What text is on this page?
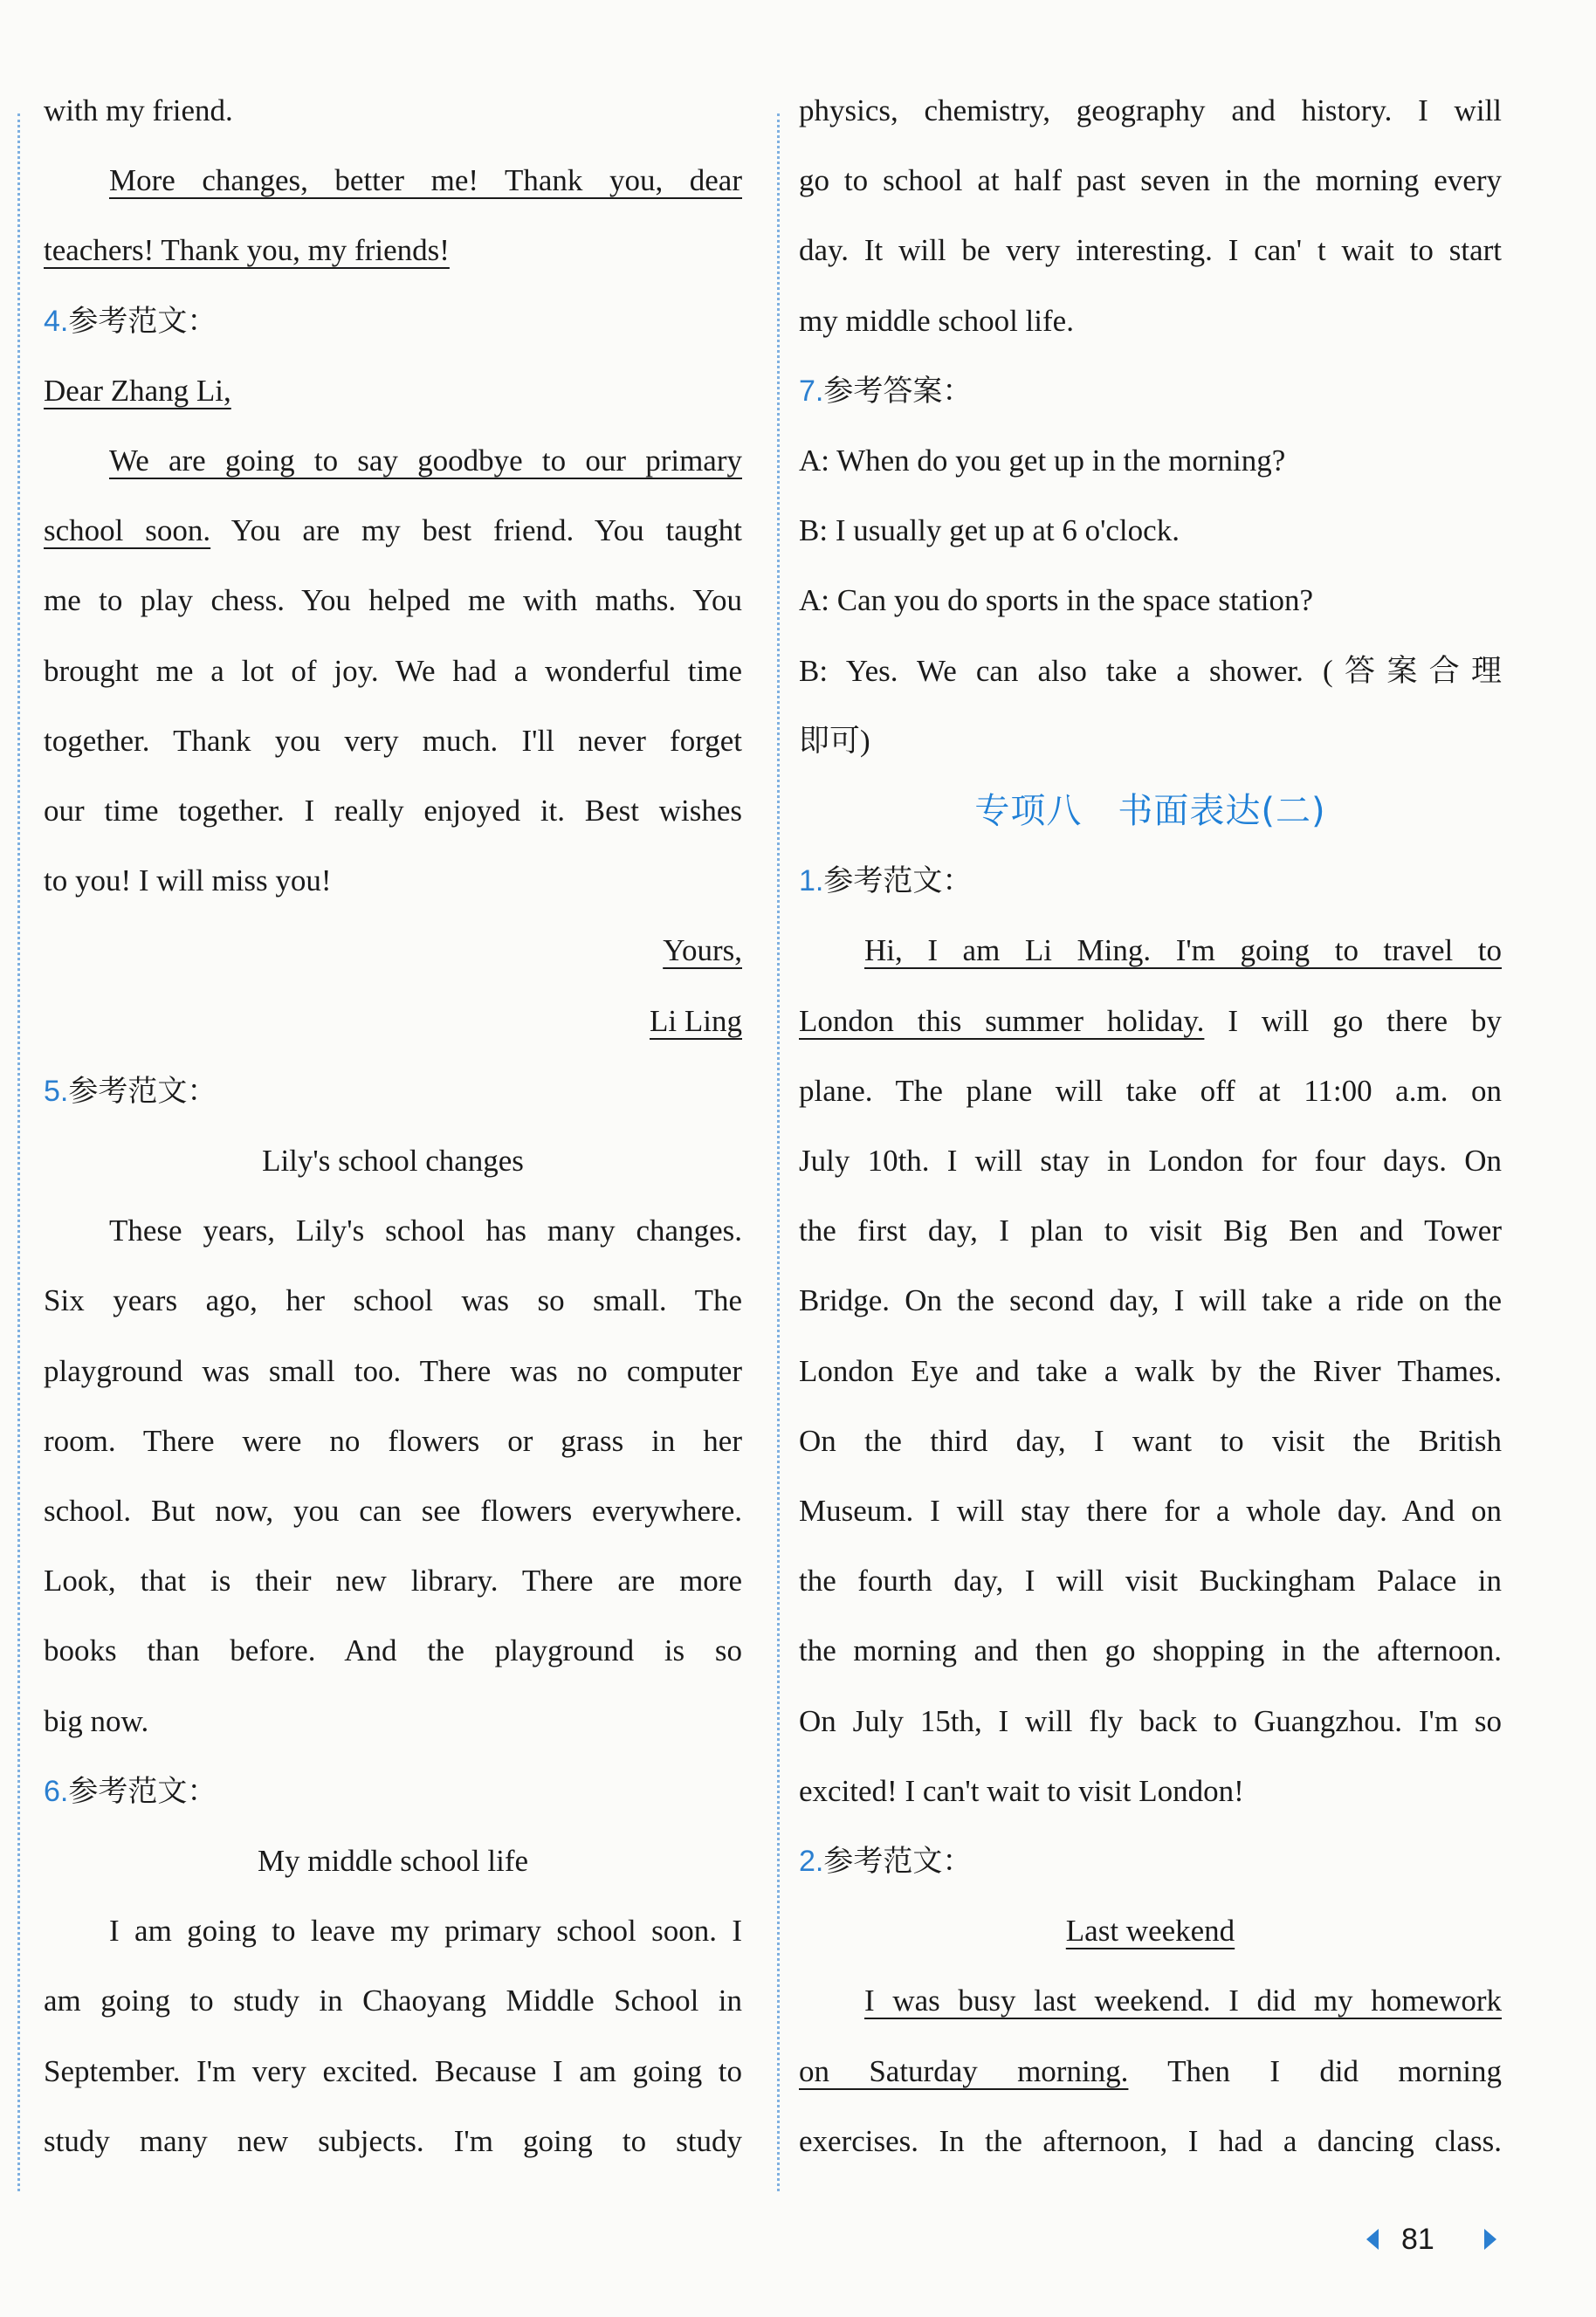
with my friend.
More changes, better me! Thank you, dear
teachers! Thank you, my friends!
4.参考范文：
Dear Zhang Li,
We are going to say goodbye to our primary
school soon. You are my best friend. You taught
me to play chess. You helped me with maths. You
brought me a lot of joy. We had a wonderful time
together. Thank you very much. I'll never forget
our time together. I really enjoyed it. Best wishes
to you! I will miss you!
Yours,
Li Ling
5.参考范文：
Lily's school changes
These years, Lily's school has many changes.
Six years ago, her school was so small. The
playground was small too. There was no computer
room. There were no flowers or grass in her
school. But now, you can see flowers everywhere.
Look, that is their new library. There are more
books than before. And the playground is so
big now.
6.参考范文：
My middle school life
I am going to leave my primary school soon. I
am going to study in Chaoyang Middle School in
September. I'm very excited. Because I am going to
study many new subjects. I'm going to study
physics, chemistry, geography and history. I will
go to school at half past seven in the morning every
day. It will be very interesting. I can' t wait to start
my middle school life.
7.参考答案：
A: When do you get up in the morning?
B: I usually get up at 6 o'clock.
A: Can you do sports in the space station?
B: Yes. We can also take a shower. (答案合理
即可)
专项八　书面表达(二)
1.参考范文：
Hi, I am Li Ming. I'm going to travel to
London this summer holiday. I will go there by
plane. The plane will take off at 11:00 a.m. on
July 10th. I will stay in London for four days. On
the first day, I plan to visit Big Ben and Tower
Bridge. On the second day, I will take a ride on the
London Eye and take a walk by the River Thames.
On the third day, I want to visit the British
Museum. I will stay there for a whole day. And on
the fourth day, I will visit Buckingham Palace in
the morning and then go shopping in the afternoon.
On July 15th, I will fly back to Guangzhou. I'm so
excited! I can't wait to visit London!
2.参考范文：
Last weekend
I was busy last weekend. I did my homework
on Saturday morning. Then I did morning
exercises. In the afternoon, I had a dancing class.
81
